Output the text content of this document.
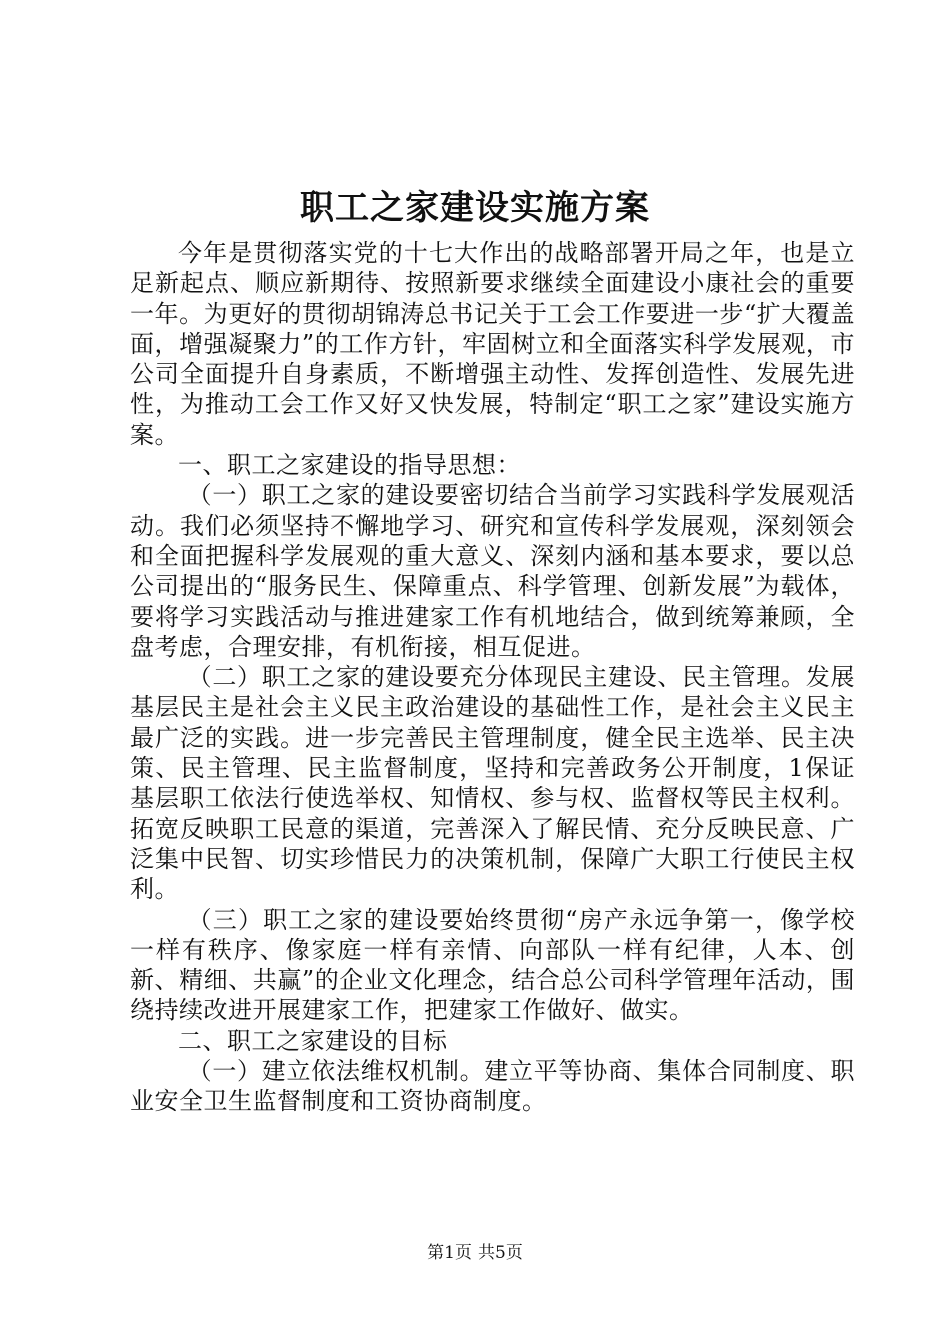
职工之家建设实施方案

今年是贯彻落实党的十七大作出的战略部署开局之年，也是立足新起点、顺应新期待、按照新要求继续全面建设小康社会的重要一年。为更好的贯彻胡锦涛总书记关于工会工作要进一步“扩大覆盖面，增强凝聚力”的工作方针，牢固树立和全面落实科学发展观，市公司全面提升自身素质，不断增强主动性、发挥创造性、发展先进性，为推动工会工作又好又快发展，特制定“职工之家”建设实施方案。

一、职工之家建设的指导思想：

（一）职工之家的建设要密切结合当前学习实践科学发展观活动。我们必须坚持不懈地学习、研究和宣传科学发展观，深刻领会和全面把握科学发展观的重大意义、深刻内涵和基本要求，要以总公司提出的“服务民生、保障重点、科学管理、创新发展”为载体，要将学习实践活动与推进建家工作有机地结合，做到统筹兼顾，全盘考虑，合理安排，有机衔接，相互促进。

（二）职工之家的建设要充分体现民主建设、民主管理。发展基层民主是社会主义民主政治建设的基础性工作，是社会主义民主最广泛的实践。进一步完善民主管理制度，健全民主选举、民主决策、民主管理、民主监督制度，坚持和完善政务公开制度，1保证基层职工依法行使选举权、知情权、参与权、监督权等民主权利。拓宽反映职工民意的渠道，完善深入了解民情、充分反映民意、广泛集中民智、切实珍惜民力的决策机制，保障广大职工行使民主权利。

（三）职工之家的建设要始终贯彻“房产永远争第一，像学校一样有秩序、像家庭一样有亲情、向部队一样有纪律，人本、创新、精细、共赢”的企业文化理念，结合总公司科学管理年活动，围绕持续改进开展建家工作，把建家工作做好、做实。

二、职工之家建设的目标

（一）建立依法维权机制。建立平等协商、集体合同制度、职业安全卫生监督制度和工资协商制度。

第1页 共5页
